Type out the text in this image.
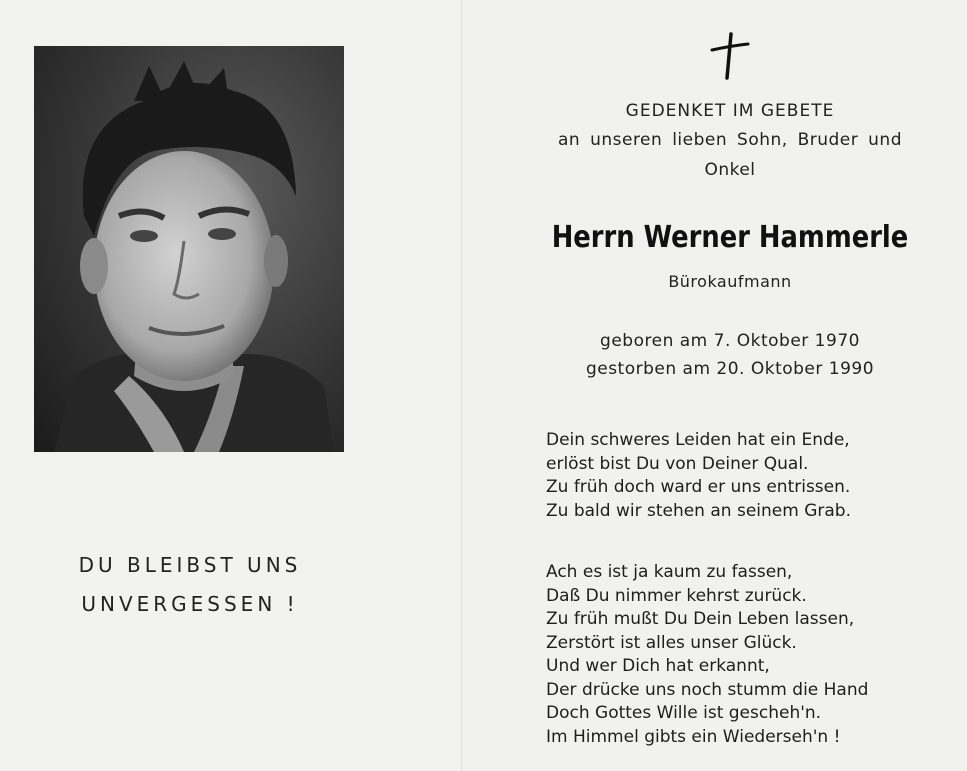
DU BLEIBST UNS
UNVERGESSEN !
GEDENKET IM GEBETE
an unseren lieben Sohn, Bruder und
Onkel
Herrn Werner Hammerle
Bürokaufmann
geboren am 7. Oktober 1970
gestorben am 20. Oktober 1990
Dein schweres Leiden hat ein Ende,
erlöst bist Du von Deiner Qual.
Zu früh doch ward er uns entrissen.
Zu bald wir stehen an seinem Grab.
Ach es ist ja kaum zu fassen,
Daß Du nimmer kehrst zurück.
Zu früh mußt Du Dein Leben lassen,
Zerstört ist alles unser Glück.
Und wer Dich hat erkannt,
Der drücke uns noch stumm die Hand
Doch Gottes Wille ist gescheh'n.
Im Himmel gibts ein Wiederseh'n !
